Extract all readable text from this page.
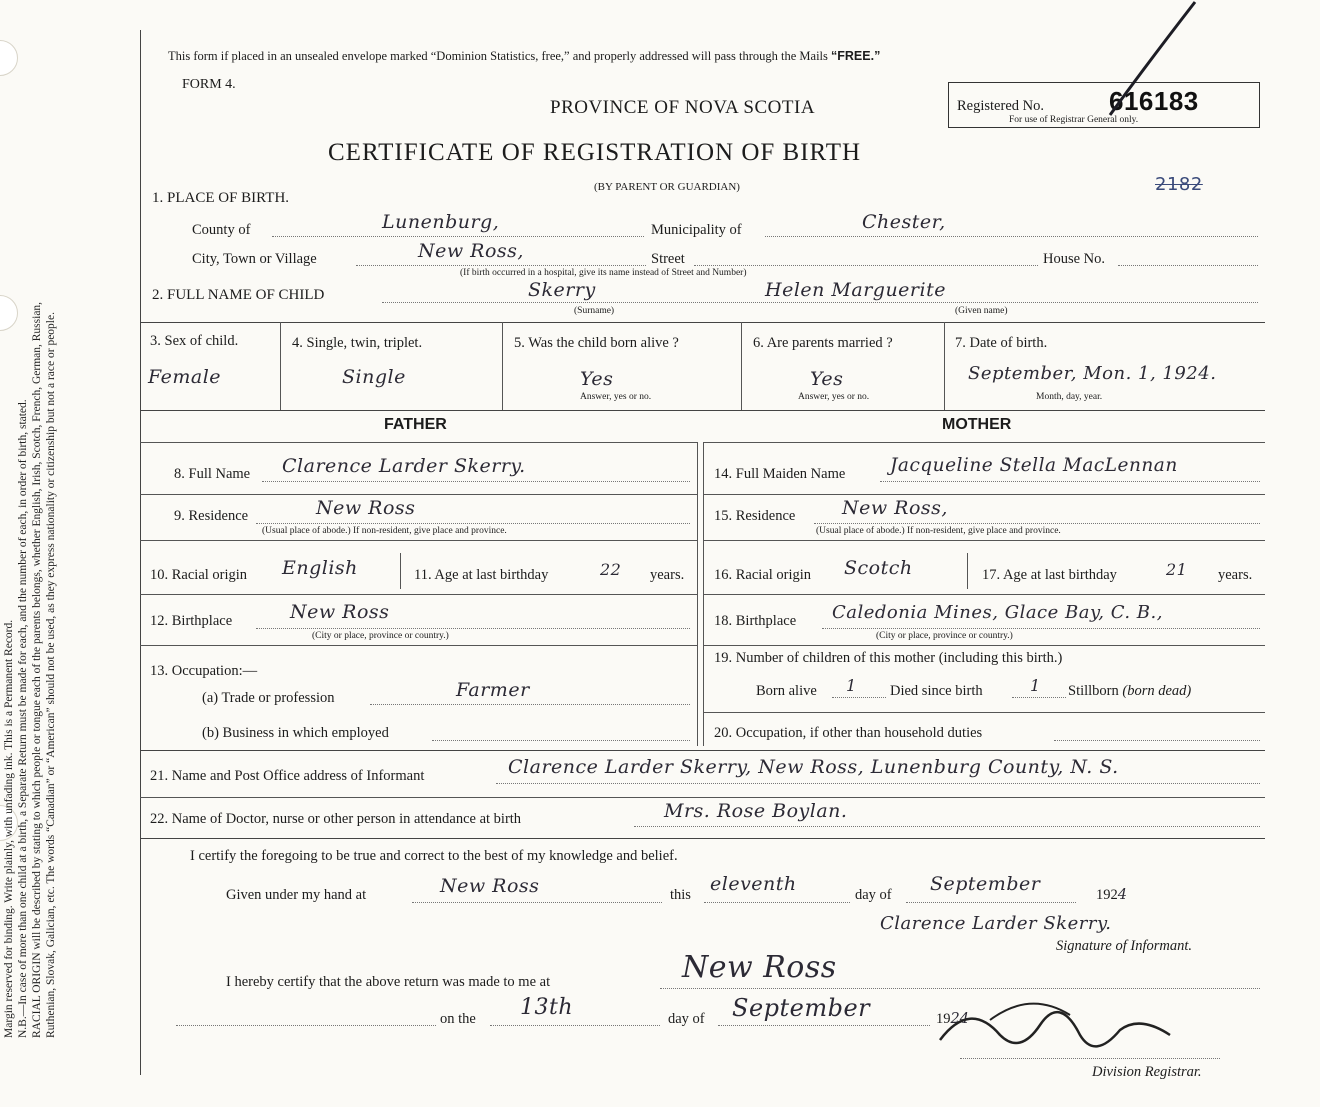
Margin reserved for binding. Write plainly, with unfading ink. This is a Permanent Record. N.B.—In case of more than one child at a birth, a Separate Return must be made for each, and the number of each, in order of birth, stated. RACIAL ORIGIN will be described by stating to which people or tongue each of the parents belongs, whether English, Irish, Scotch, French, German, Russian, Ruthenian, Slovak, Galician, etc. The words “Canadian” or “American” should not be used, as they express nationality or citizenship but not a race or people.
This form if placed in an unsealed envelope marked “Dominion Statistics, free,” and properly addressed will pass through the Mails “FREE.”
FORM 4.
PROVINCE OF NOVA SCOTIA
CERTIFICATE OF REGISTRATION OF BIRTH
(BY PARENT OR GUARDIAN)
Registered No.	616183
For use of Registrar General only.
2182
1. PLACE OF BIRTH.
County of	Lunenburg,	Municipality of	Chester,
City, Town or Village	New Ross,	Street	House No.
(If birth occurred in a hospital, give its name instead of Street and Number)
2. FULL NAME OF CHILD	Skerry
(Surname)
Helen Marguerite
(Given name)
3. Sex of child.
Female
4. Single, twin, triplet.
Single
5. Was the child born alive ?
Yes
Answer, yes or no.
6. Are parents married ?
Yes
Answer, yes or no.
7. Date of birth.
September, Mon. 1, 1924.
Month, day, year.
FATHER	MOTHER
8. Full Name Clarence Larder Skerry.
9. Residence	New Ross
(Usual place of abode.) If non-resident, give place and province.
10. Racial origin English	11. Age at last birthday	22 years.
12. Birthplace	New Ross
(City or place, province or country.)
13. Occupation:—
(a) Trade or profession	Farmer
(b) Business in which employed
14. Full Maiden Name Jacqueline Stella MacLennan
15. Residence New Ross,
(Usual place of abode.) If non-resident, give place and province.
16. Racial origin Scotch	17. Age at last birthday	21 years.
18. Birthplace Caledonia Mines, Glace Bay, C. B.,
(City or place, province or country.)
19. Number of children of this mother (including this birth.)
Born alive 1 Died since birth	1 Stillborn (born dead)
20. Occupation, if other than household duties
21. Name and Post Office address of Informant	Clarence Larder Skerry, New Ross, Lunenburg County, N. S.
22. Name of Doctor, nurse or other person in attendance at birth	Mrs. Rose Boylan.
I certify the foregoing to be true and correct to the best of my knowledge and belief.
Given under my hand at	New Ross	this eleventh	day of September	1924
Clarence Larder Skerry.
Signature of Informant.
I hereby certify that the above return was made to me at	New Ross
on the 13th	day of September	1924
Division Registrar.
